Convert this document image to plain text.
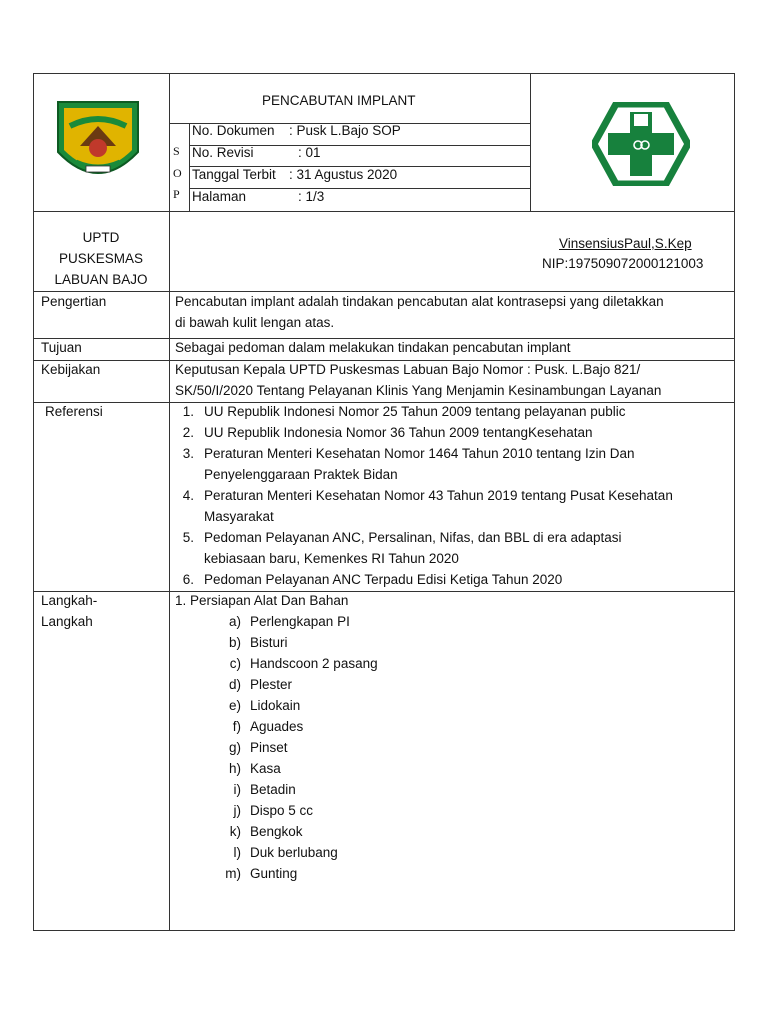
PENCABUTAN IMPLANT
S
O
P
No. Dokumen : Pusk L.Bajo SOP
No. Revisi	: 01
Tanggal Terbit : 31 Agustus 2020
Halaman	: 1/3
UPTD
PUSKESMAS
LABUAN BAJO
VinsensiusPaul,S.Kep
NIP:197509072000121003
Pengertian	Pencabutan implant adalah tindakan pencabutan alat kontrasepsi yang diletakkan
di bawah kulit lengan atas.
Tujuan	Sebagai pedoman dalam melakukan tindakan pencabutan implant
Kebijakan	Keputusan Kepala UPTD Puskesmas Labuan Bajo Nomor : Pusk. L.Bajo 821/
SK/50/I/2020 Tentang Pelayanan Klinis Yang Menjamin Kesinambungan Layanan
Referensi	1. UU Republik Indonesi Nomor 25 Tahun 2009 tentang pelayanan public
2. UU Republik Indonesia Nomor 36 Tahun 2009 tentangKesehatan
3. Peraturan Menteri Kesehatan Nomor 1464 Tahun 2010 tentang Izin Dan
Penyelenggaraan Praktek Bidan
4. Peraturan Menteri Kesehatan Nomor 43 Tahun 2019 tentang Pusat Kesehatan
Masyarakat
5. Pedoman Pelayanan ANC, Persalinan, Nifas, dan BBL di era adaptasi
kebiasaan baru, Kemenkes RI Tahun 2020
6. Pedoman Pelayanan ANC Terpadu Edisi Ketiga Tahun 2020
Langkah-
Langkah
1. Persiapan Alat Dan Bahan
a) Perlengkapan PI
b) Bisturi
c) Handscoon 2 pasang
d) Plester
e) Lidokain
f) Aguades
g) Pinset
h) Kasa
i) Betadin
j) Dispo 5 cc
k) Bengkok
l) Duk berlubang
m) Gunting
